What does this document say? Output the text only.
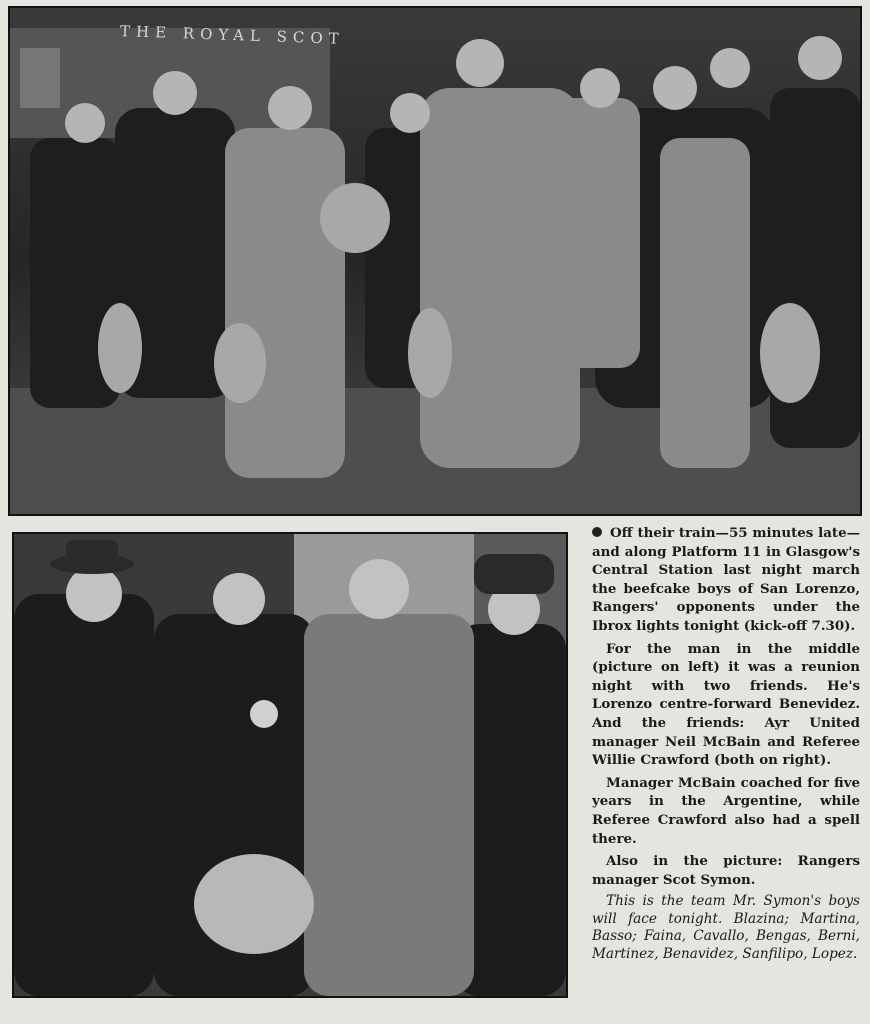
THE ROYAL SCOT

Off their train—55 minutes late—and along Platform 11 in Glasgow's Central Station last night march the beefcake boys of San Lorenzo, Rangers' opponents under the Ibrox lights tonight (kick-off 7.30).

For the man in the middle (picture on left) it was a reunion night with two friends. He's Lorenzo centre-forward Benevidez. And the friends: Ayr United manager Neil McBain and Referee Willie Crawford (both on right).

Manager McBain coached for five years in the Argentine, while Referee Crawford also had a spell there.

Also in the picture: Rangers manager Scot Symon.

This is the team Mr. Symon's boys will face tonight. Blazina; Martina, Basso; Faina, Cavallo, Bengas, Berni, Martinez, Benavidez, Sanfilipo, Lopez.
